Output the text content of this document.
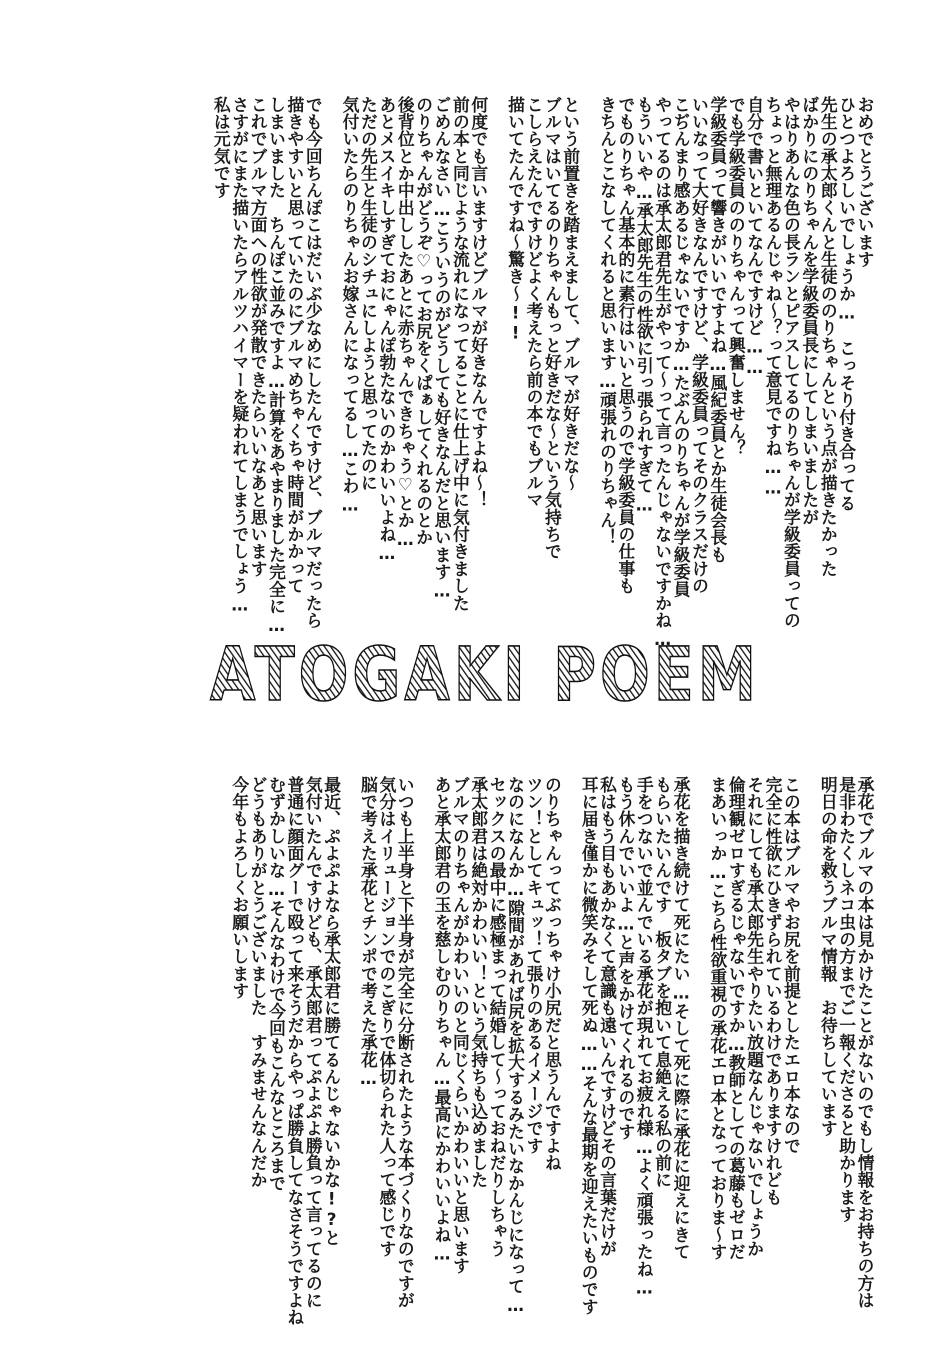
おめでとうございます
ひとつよろしいでしょうか…　こっそり付き合ってる
先生の承太郎くんと生徒ののりちゃんという点が描きたかった
ばかりにのりちゃんを学級委員長にしてしまいましたが
やはりあんな色の長ランとピアスしてるのりちゃんが学級委員っての
ちょっと無理あるんじゃね～？って意見ですね……
自分で書いといてなんですけど……
でも学級委員ののりちゃんって興奮しません？
学級委員って響きがいいですよね…風紀委員とか生徒会長も
いいなって大好きなんですけど、学級委員ってそのクラスだけの
こぢんまり感あるじゃないですか…たぶんのりちゃんが学級委員
やってるのは承太郎君先生がやって～って言ったんじゃないですかね…
もういいや…承太郎先生の性欲に引っ張られすぎて…
でものりちゃん基本的に素行はいいと思うので学級委員の仕事も
きちんとこなしてくれると思います…頑張れのりちゃん！
という前置きを踏まえまして、ブルマが好きだな～
ブルマはいてるのりちゃんもっと好きだな～という気持ちで
こしらえたんですけどよく考えたら前の本でもブルマ
描いてたんですね～驚き～!!
何度でも言いますけどブルマが好きなんですよね～！
前の本と同じような流れになってることに仕上げ中に気付きました
ごめんなさい…こういうのがどうしても好きなんだと思います…
のりちゃんがどうぞ♡ってお尻をくぱぁしてくれるのとか
後背位とか中出ししたあとに赤ちゃんできちゃう♡とか…
あとメスイキしすぎておにゃんぽ勃たないのかわいいよね…
ただの先生と生徒のシチュにしようと思ってたのに
気付いたらのりちゃんお嫁さんになってるし…こわ…
でも今回ちんぽこはだいぶ少なめにしたんですけど、ブルマだったら
描きやすいと思っていたのにブルマめちゃくちゃ時間がかかって
しまいました　ちんぽこ並みですよ…計算をあやまりました完全に…
これでブルマ方面への性欲が発散できたらいいなあと思います
さすがにまた描いたらアルツハイマーを疑われてしまうでしょう…
私は元気です
ATOGAKI POEM
承花でブルマの本は見かけたことがないのでもし情報をお持ちの方は
是非わたくしネコ虫の方までご一報くださると助かります
明日の命を救うブルマ情報　お待ちしています
この本はブルマやお尻を前提としたエロ本なので
完全に性欲にひきずられているわけでありますけれども
それにしても承太郎先生やりたい放題なんじゃないでしょうか
倫理観ゼロすぎるじゃないですか…教師としての葛藤もゼロだ
まあいっか…こちら性欲重視の承花エロ本となっておりま～す
承花を描き続けて死にたい…そして死に際に承花に迎えにきて
もらいたいんです　板タブを抱いて息絶える私の前に
手をつないで並んでいる承花が現れてお疲れ様…よく頑張ったね…
もう休んでいいよ…と声をかけてくれるのです
私はもう目もあかなくて意識も遠いんですけどその言葉だけが
耳に届き僅かに微笑みそして死ぬ……そんな最期を迎えたいものです
のりちゃんってぶっちゃけ小尻だと思うんですよね
ツン！としてキュッ！て張りのあるイメージです
なのになんか…隙間があれば尻を拡大するみたいなかんじになって…
セックスの最中に感極まって結婚して～っておねだりしちゃう
承太郎君は絶対かわいい！という気持ちも込めました
ブルマのりちゃんがかわいいのと同じくらいかわいいと思います
あと承太郎君の玉を慈しむのりちゃん…最高にかわいいよね…
いつも上半身と下半身が完全に分断されたような本づくりなのですが
気分はイリュージョンでのこぎりで体切られた人って感じです
脳で考えた承花とチンポで考えた承花…
最近、ぷよぷよなら承太郎君に勝てるんじゃないかな!?と
気付いたんですけども、承太郎君ってぷよぷよ勝負って言ってるのに
普通に顔面グーで殴って来そうだからやっぱ勝負してなさそうですよね
むずかしいな…そんなわけで今回もこんなところまで
どうもありがとうございました　すみませんなんだか
今年もよろしくお願いします
